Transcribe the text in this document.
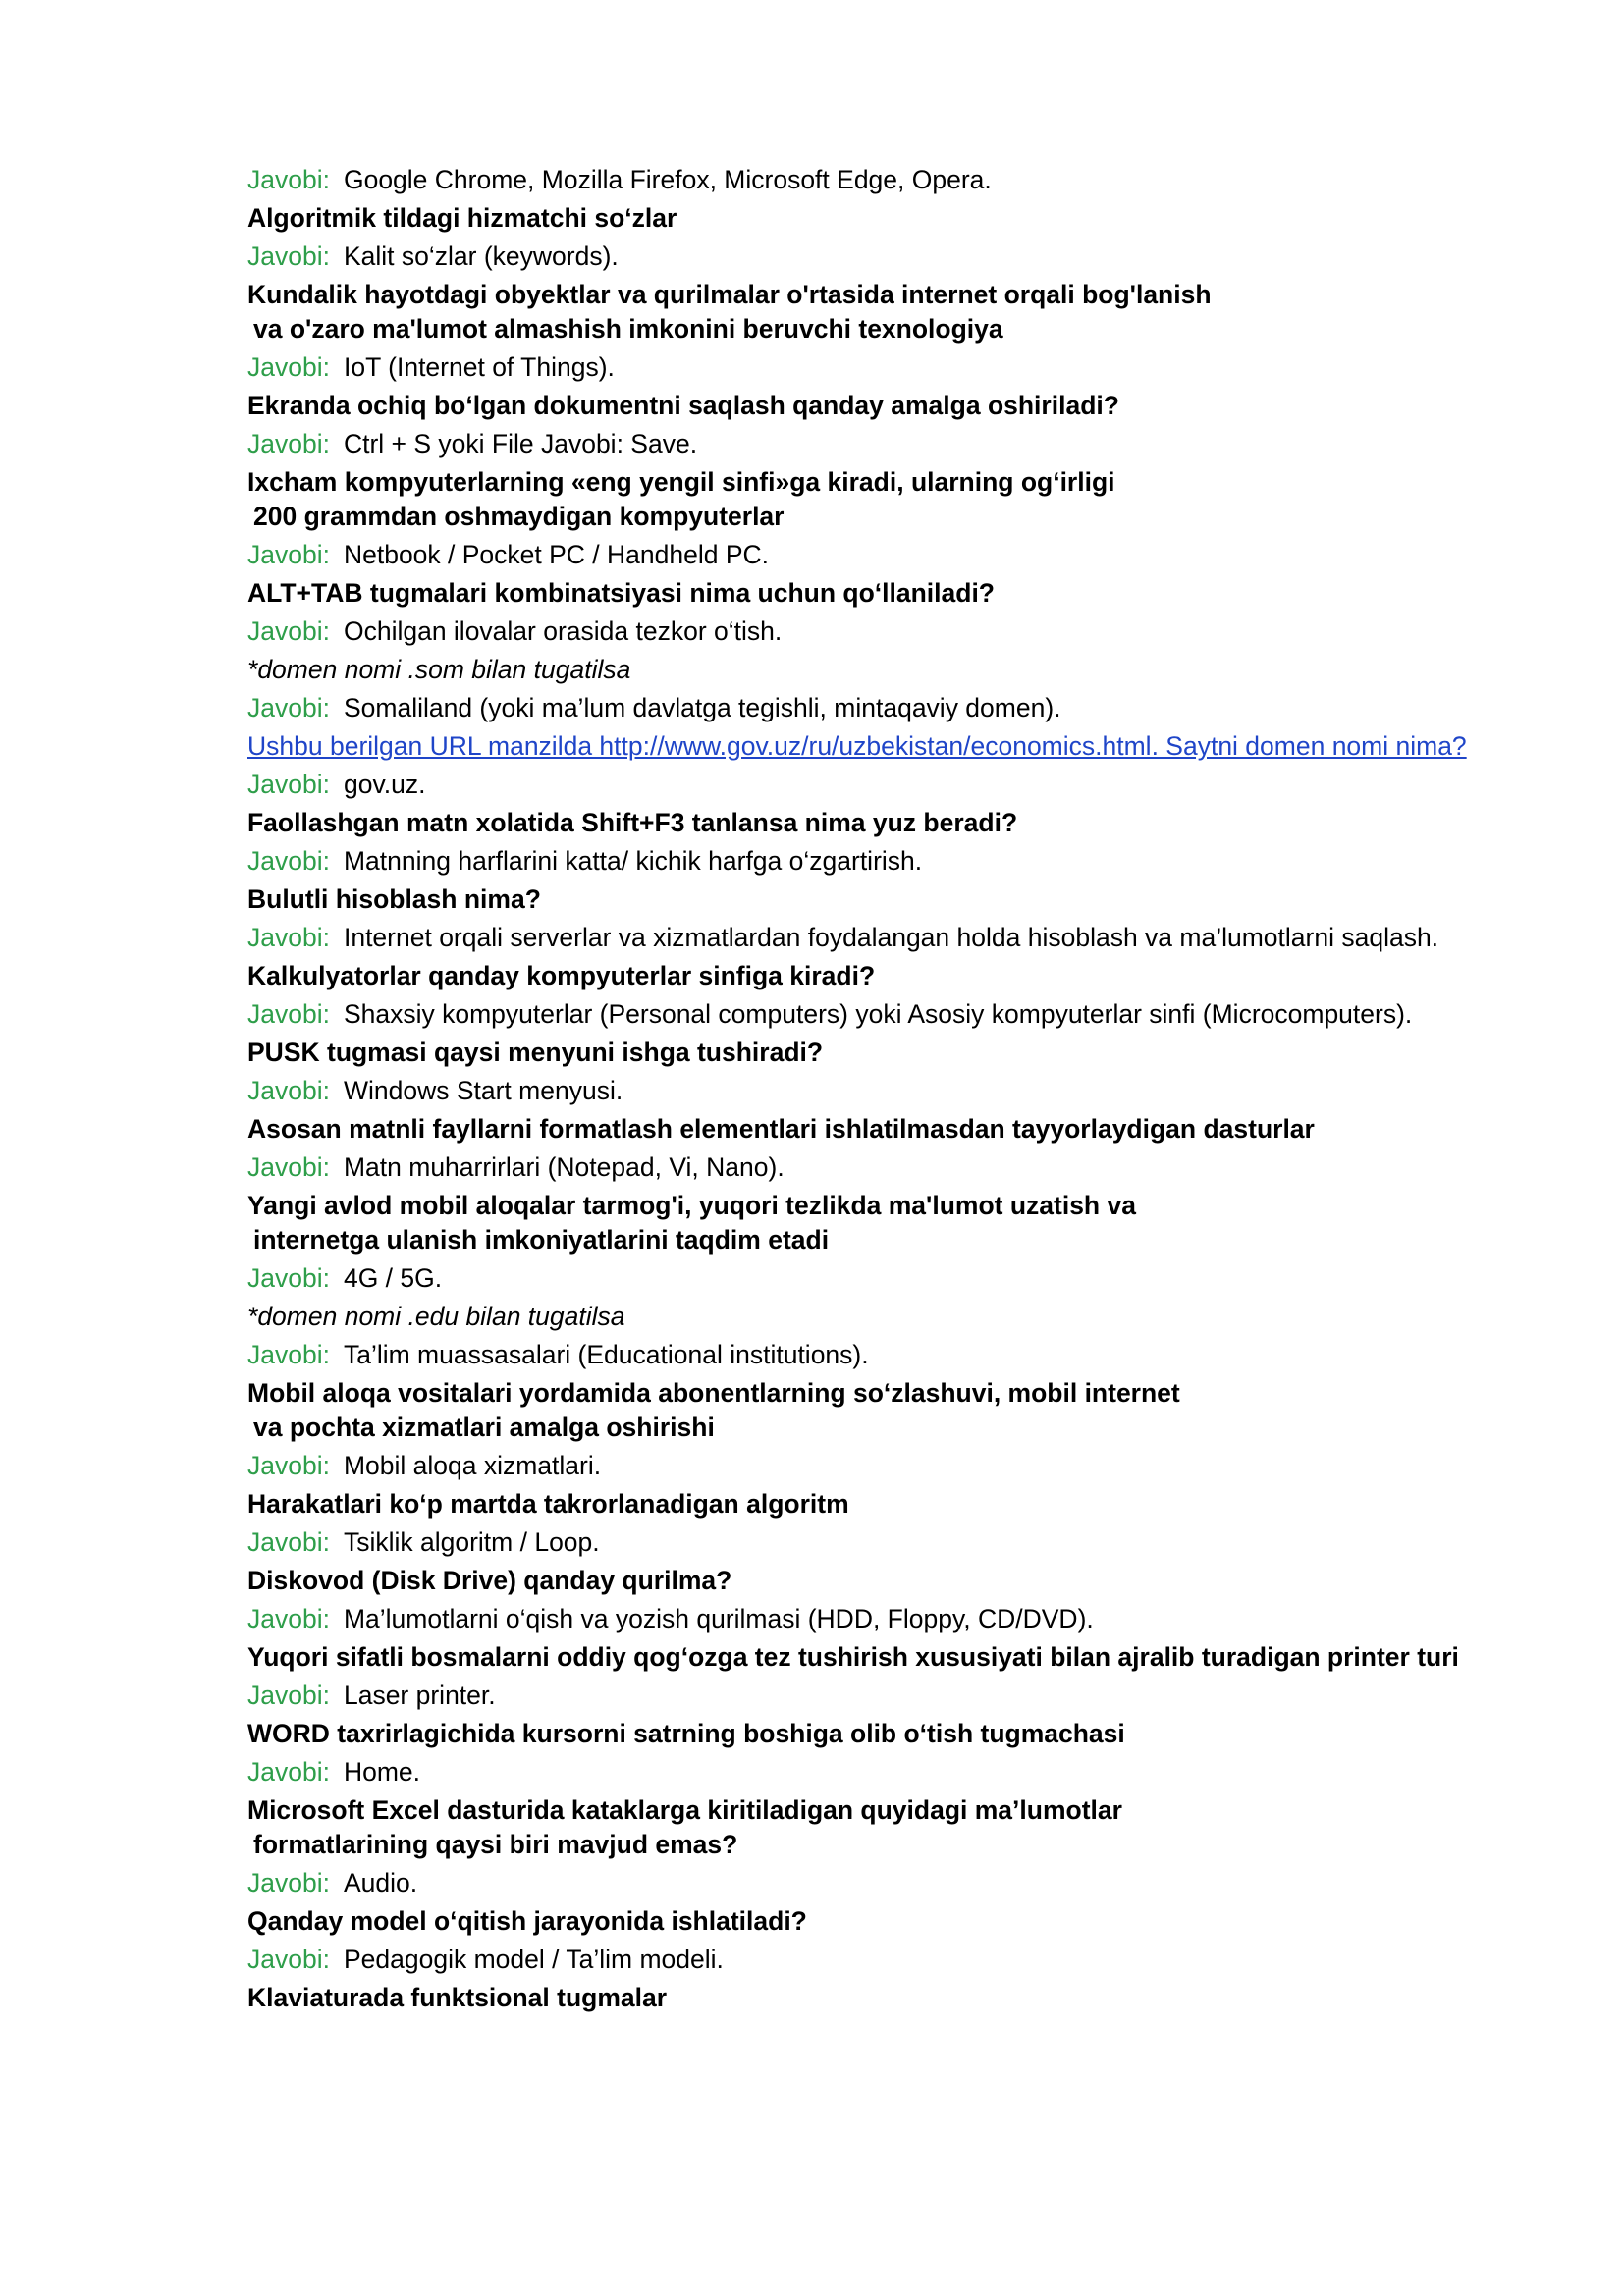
Javobi: Google Chrome, Mozilla Firefox, Microsoft Edge, Opera.
Algoritmik tildagi hizmatchi so‘zlar
Javobi: Kalit so‘zlar (keywords).
Kundalik hayotdagi obyektlar va qurilmalar o'rtasida internet orqali bog'lanish
va o'zaro ma'lumot almashish imkonini beruvchi texnologiya
Javobi: IoT (Internet of Things).
Ekranda ochiq bo‘lgan dokumentni saqlash qanday amalga oshiriladi?
Javobi: Ctrl + S yoki File Javobi: Save.
Ixcham kompyuterlarning «eng yengil sinfi»ga kiradi, ularning og‘irligi
200 grammdan oshmaydigan kompyuterlar
Javobi: Netbook / Pocket PC / Handheld PC.
ALT+TAB tugmalari kombinatsiyasi nima uchun qo‘llaniladi?
Javobi: Ochilgan ilovalar orasida tezkor o‘tish.
*domen nomi .som bilan tugatilsa
Javobi: Somaliland (yoki ma’lum davlatga tegishli, mintaqaviy domen).
Ushbu berilgan URL manzilda http://www.gov.uz/ru/uzbekistan/economics.html. Saytni domen nomi nima?
Javobi: gov.uz.
Faollashgan matn xolatida Shift+F3 tanlansa nima yuz beradi?
Javobi: Matnning harflarini katta/ kichik harfga o‘zgartirish.
Bulutli hisoblash nima?
Javobi: Internet orqali serverlar va xizmatlardan foydalangan holda hisoblash va ma’lumotlarni saqlash.
Kalkulyatorlar qanday kompyuterlar sinfiga kiradi?
Javobi: Shaxsiy kompyuterlar (Personal computers) yoki Asosiy kompyuterlar sinfi (Microcomputers).
PUSK tugmasi qaysi menyuni ishga tushiradi?
Javobi: Windows Start menyusi.
Asosan matnli fayllarni formatlash elementlari ishlatilmasdan tayyorlaydigan dasturlar
Javobi: Matn muharrirlari (Notepad, Vi, Nano).
Yangi avlod mobil aloqalar tarmog'i, yuqori tezlikda ma'lumot uzatish va
internetga ulanish imkoniyatlarini taqdim etadi
Javobi: 4G / 5G.
*domen nomi .edu bilan tugatilsa
Javobi: Ta’lim muassasalari (Educational institutions).
Mobil aloqa vositalari yordamida abonentlarning so‘zlashuvi, mobil internet
va pochta xizmatlari amalga oshirishi
Javobi: Mobil aloqa xizmatlari.
Harakatlari ko‘p martda takrorlanadigan algoritm
Javobi: Tsiklik algoritm / Loop.
Diskovod (Disk Drive) qanday qurilma?
Javobi: Ma’lumotlarni o‘qish va yozish qurilmasi (HDD, Floppy, CD/DVD).
Yuqori sifatli bosmalarni oddiy qog‘ozga tez tushirish xususiyati bilan ajralib turadigan printer turi
Javobi: Laser printer.
WORD taxrirlagichida kursorni satrning boshiga olib o‘tish tugmachasi
Javobi: Home.
Microsoft Excel dasturida kataklarga kiritiladigan quyidagi ma’lumotlar
formatlarining qaysi biri mavjud emas?
Javobi: Audio.
Qanday model o‘qitish jarayonida ishlatiladi?
Javobi: Pedagogik model / Ta’lim modeli.
Klaviaturada funktsional tugmalar
